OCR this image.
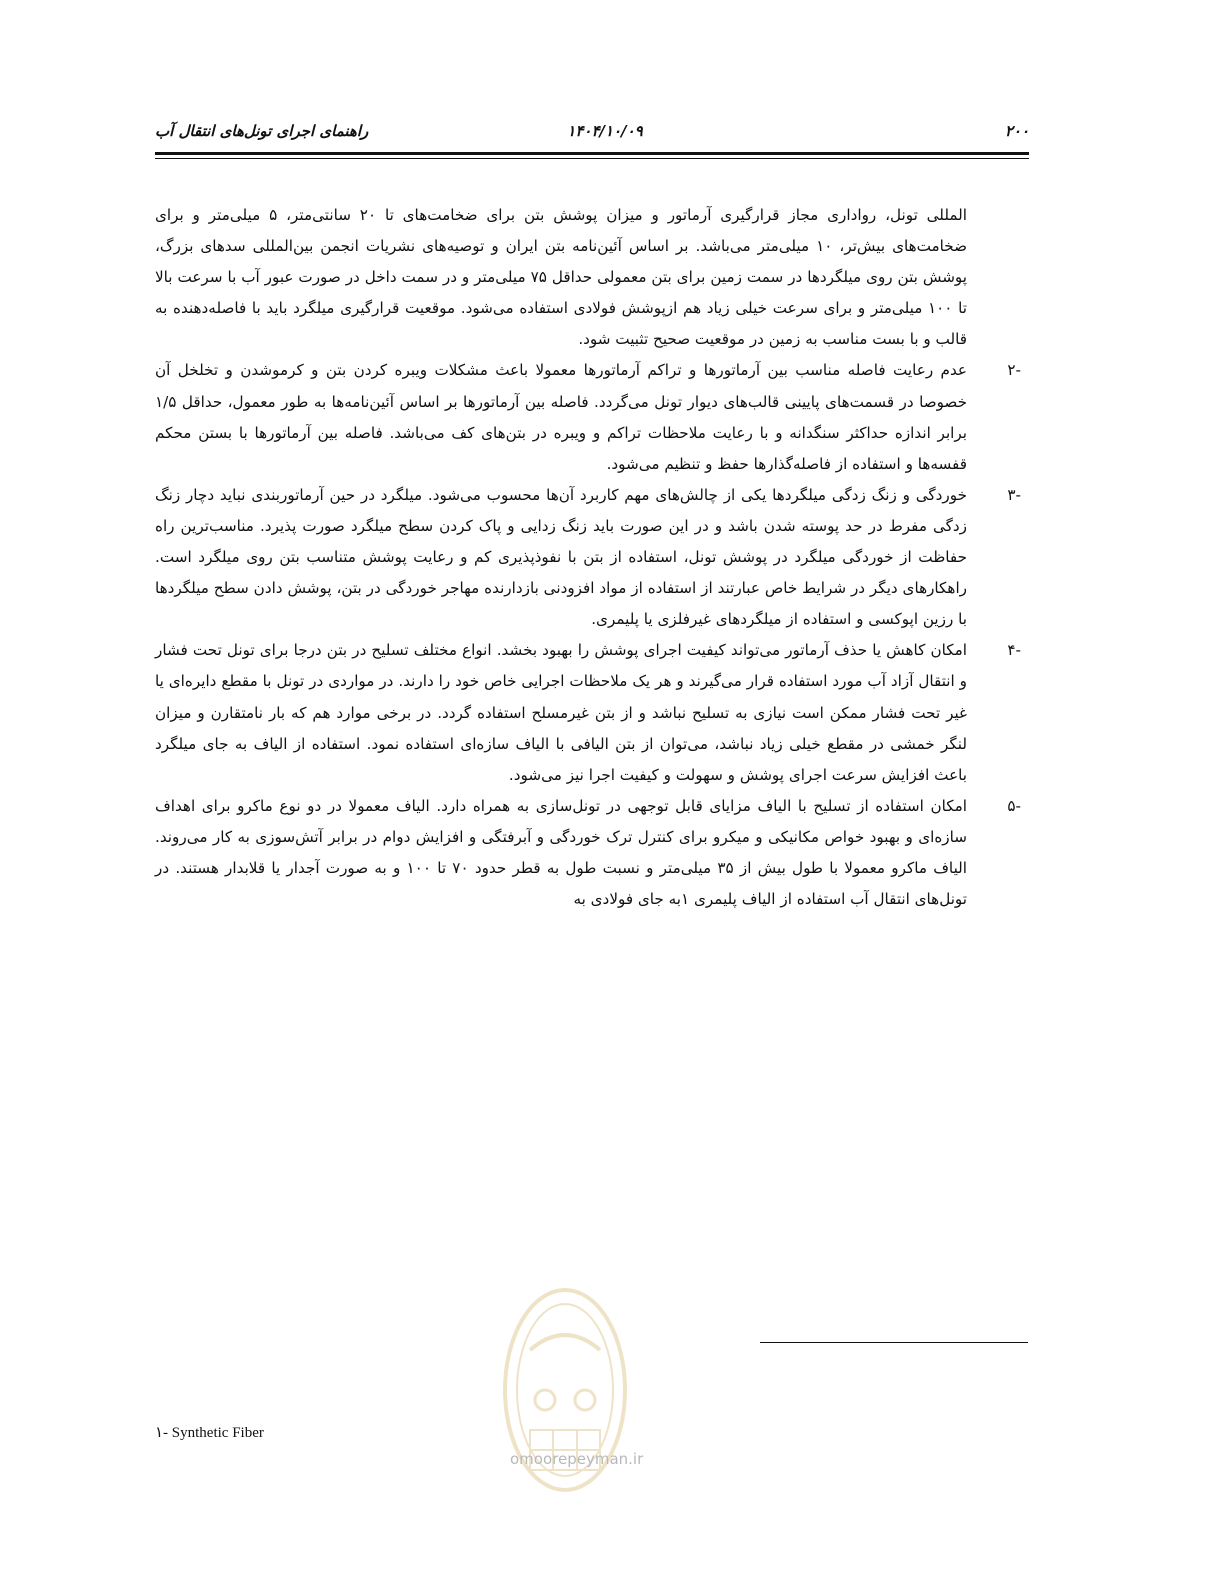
راهنمای اجرای تونل‌های انتقال آب	۱۴۰۴/۱۰/۰۹	۲۰۰

المللی تونل، رواداری مجاز قرارگیری آرماتور و میزان پوشش بتن برای ضخامت‌های تا ۲۰ سانتی‌متر، ۵ میلی‌متر و برای ضخامت‌های بیش‌تر، ۱۰ میلی‌متر می‌باشد. بر اساس آئین‌نامه بتن ایران و توصیه‌های نشریات انجمن بین‌المللی سدهای بزرگ، پوشش بتن روی میلگردها در سمت زمین برای بتن معمولی حداقل ۷۵ میلی‌متر و در سمت داخل در صورت عبور آب با سرعت بالا تا ۱۰۰ میلی‌متر و برای سرعت خیلی زیاد هم ازپوشش فولادی استفاده می‌شود. موقعیت قرارگیری میلگرد باید با فاصله‌دهنده به قالب و با بست مناسب به زمین در موقعیت صحیح تثبیت شود.

-۲
عدم رعایت فاصله مناسب بین آرماتورها و تراکم آرماتورها معمولا باعث مشکلات ویبره کردن بتن و کرموشدن و تخلخل آن خصوصا در قسمت‌های پایینی قالب‌های دیوار تونل می‌گردد. فاصله بین آرماتورها بر اساس آئین‌نامه‌ها به طور معمول، حداقل ۱/۵ برابر اندازه حداکثر سنگدانه و با رعایت ملاحظات تراکم و ویبره در بتن‌های کف می‌باشد. فاصله بین آرماتورها با بستن محکم قفسه‌ها و استفاده از فاصله‌گذارها حفظ و تنظیم می‌شود.
-۳
خوردگی و زنگ زدگی میلگردها یکی از چالش‌های مهم کاربرد آن‌ها محسوب می‌شود. میلگرد در حین آرماتوربندی نباید دچار زنگ زدگی مفرط در حد پوسته شدن باشد و در این صورت باید زنگ زدایی و پاک کردن سطح میلگرد صورت پذیرد. مناسب‌ترین راه حفاظت از خوردگی میلگرد در پوشش تونل، استفاده از بتن با نفوذپذیری کم و رعایت پوشش متناسب بتن روی میلگرد است. راهکارهای دیگر در شرایط خاص عبارتند از استفاده از مواد افزودنی بازدارنده مهاجر خوردگی در بتن، پوشش دادن سطح میلگردها با رزین اپوکسی و استفاده از میلگردهای غیرفلزی یا پلیمری.
-۴
امکان کاهش یا حذف آرماتور می‌تواند کیفیت اجرای پوشش را بهبود بخشد. انواع مختلف تسلیح در بتن درجا برای تونل تحت فشار و انتقال آزاد آب مورد استفاده قرار می‌گیرند و هر یک ملاحظات اجرایی خاص خود را دارند. در مواردی در تونل با مقطع دایره‌ای یا غیر تحت فشار ممکن است نیازی به تسلیح نباشد و از بتن غیرمسلح استفاده گردد. در برخی موارد هم که بار نامتقارن و میزان لنگر خمشی در مقطع خیلی زیاد نباشد، می‌توان از بتن الیافی با الیاف سازه‌ای استفاده نمود. استفاده از الیاف به جای میلگرد باعث افزایش سرعت اجرای پوشش و سهولت و کیفیت اجرا نیز می‌شود.
-۵
امکان استفاده از تسلیح با الیاف مزایای قابل توجهی در تونل‌سازی به همراه دارد. الیاف معمولا در دو نوع ماکرو برای اهداف سازه‌ای و بهبود خواص مکانیکی و میکرو برای کنترل ترک خوردگی و آبرفتگی و افزایش دوام در برابر آتش‌سوزی به کار می‌روند. الیاف ماکرو معمولا با طول بیش از ۳۵ میلی‌متر و نسبت طول به قطر حدود ۷۰ تا ۱۰۰ و به صورت آجدار یا قلابدار هستند. در تونل‌های انتقال آب استفاده از الیاف پلیمری ۱به جای فولادی به
omoorepeyman.ir
۱- Synthetic Fiber
